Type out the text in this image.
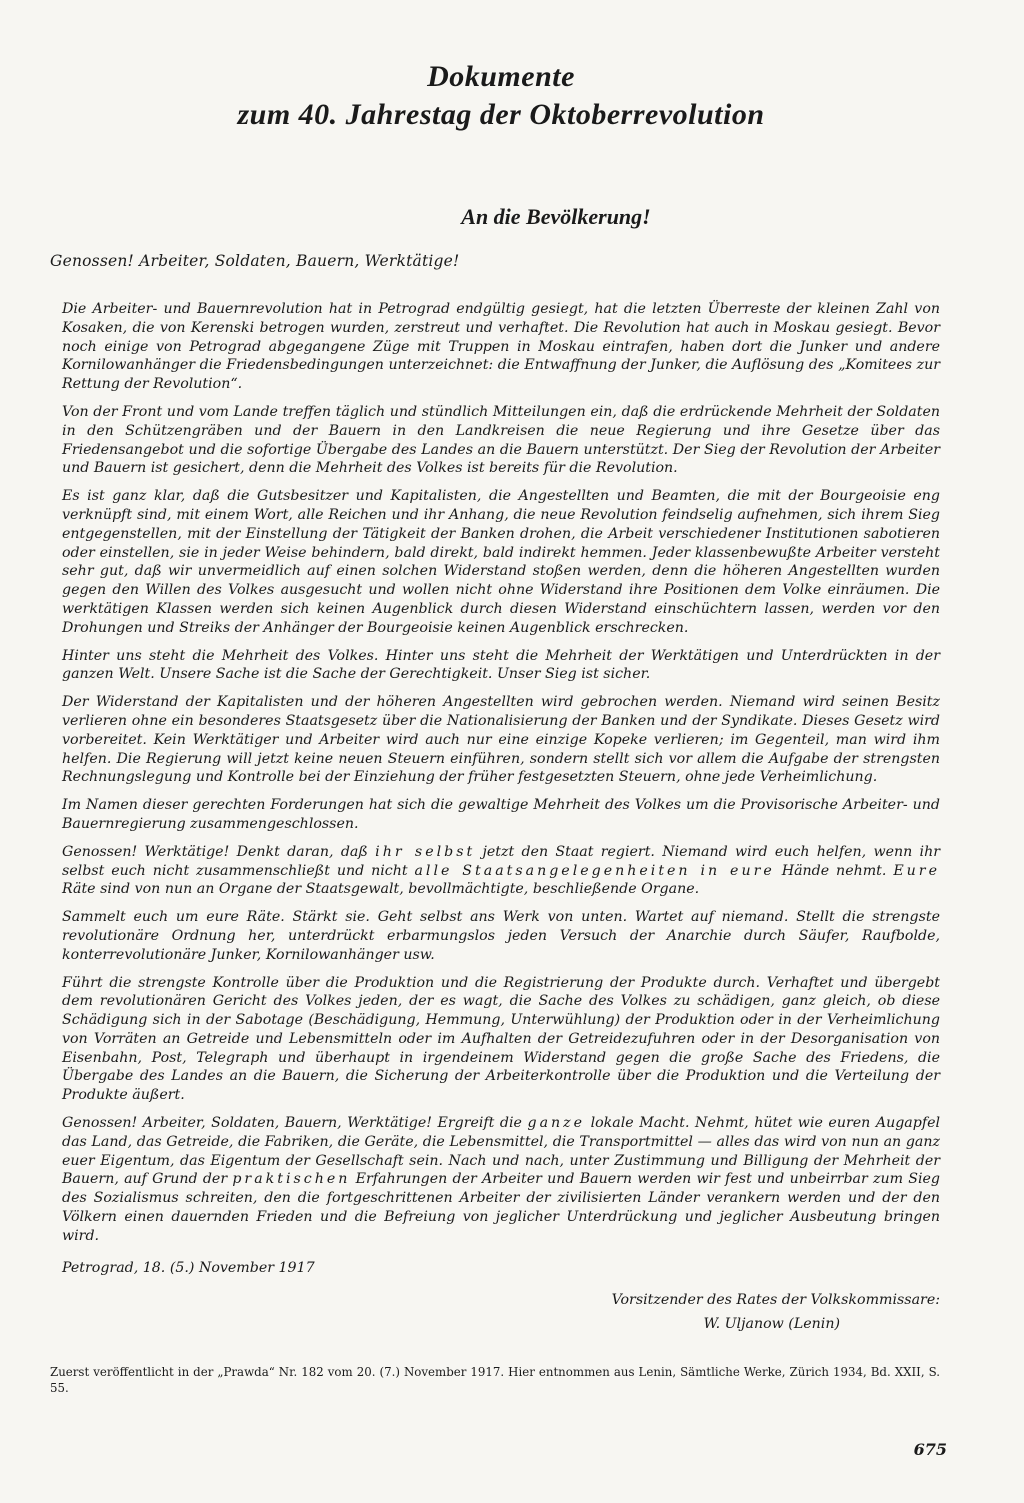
Dokumente
zum 40. Jahrestag der Oktoberrevolution
An die Bevölkerung!
Genossen! Arbeiter, Soldaten, Bauern, Werktätige!

Die Arbeiter- und Bauernrevolution hat in Petrograd endgültig gesiegt, hat die letzten Überreste der kleinen Zahl von Kosaken, die von Kerenski betrogen wurden, zerstreut und verhaftet. Die Revolution hat auch in Moskau gesiegt. Bevor noch einige von Petrograd abgegangene Züge mit Truppen in Moskau eintrafen, haben dort die Junker und andere Kornilowanhänger die Friedensbedingungen unterzeichnet: die Entwaffnung der Junker, die Auflösung des „Komitees zur Rettung der Revolution“.

Von der Front und vom Lande treffen täglich und stündlich Mitteilungen ein, daß die erdrückende Mehrheit der Soldaten in den Schützengräben und der Bauern in den Landkreisen die neue Regierung und ihre Gesetze über das Friedensangebot und die sofortige Übergabe des Landes an die Bauern unterstützt. Der Sieg der Revolution der Arbeiter und Bauern ist gesichert, denn die Mehrheit des Volkes ist bereits für die Revolution.

Es ist ganz klar, daß die Gutsbesitzer und Kapitalisten, die Angestellten und Beamten, die mit der Bourgeoisie eng verknüpft sind, mit einem Wort, alle Reichen und ihr Anhang, die neue Revolution feindselig aufnehmen, sich ihrem Sieg entgegenstellen, mit der Einstellung der Tätigkeit der Banken drohen, die Arbeit verschiedener Institutionen sabotieren oder einstellen, sie in jeder Weise behindern, bald direkt, bald indirekt hemmen. Jeder klassenbewußte Arbeiter versteht sehr gut, daß wir unvermeidlich auf einen solchen Widerstand stoßen werden, denn die höheren Angestellten wurden gegen den Willen des Volkes ausgesucht und wollen nicht ohne Widerstand ihre Positionen dem Volke einräumen. Die werktätigen Klassen werden sich keinen Augenblick durch diesen Widerstand einschüchtern lassen, werden vor den Drohungen und Streiks der Anhänger der Bourgeoisie keinen Augenblick erschrecken.

Hinter uns steht die Mehrheit des Volkes. Hinter uns steht die Mehrheit der Werktätigen und Unterdrückten in der ganzen Welt. Unsere Sache ist die Sache der Gerechtigkeit. Unser Sieg ist sicher.

Der Widerstand der Kapitalisten und der höheren Angestellten wird gebrochen werden. Niemand wird seinen Besitz verlieren ohne ein besonderes Staatsgesetz über die Nationalisierung der Banken und der Syndikate. Dieses Gesetz wird vorbereitet. Kein Werktätiger und Arbeiter wird auch nur eine einzige Kopeke verlieren; im Gegenteil, man wird ihm helfen. Die Regierung will jetzt keine neuen Steuern einführen, sondern stellt sich vor allem die Aufgabe der strengsten Rechnungslegung und Kontrolle bei der Einziehung der früher festgesetzten Steuern, ohne jede Verheimlichung.

Im Namen dieser gerechten Forderungen hat sich die gewaltige Mehrheit des Volkes um die Provisorische Arbeiter- und Bauernregierung zusammengeschlossen.

Genossen! Werktätige! Denkt daran, daß ihr selbst jetzt den Staat regiert. Niemand wird euch helfen, wenn ihr selbst euch nicht zusammenschließt und nicht alle Staatsangelegenheiten in eure Hände nehmt. Eure Räte sind von nun an Organe der Staatsgewalt, bevollmächtigte, beschließende Organe.

Sammelt euch um eure Räte. Stärkt sie. Geht selbst ans Werk von unten. Wartet auf niemand. Stellt die strengste revolutionäre Ordnung her, unterdrückt erbarmungslos jeden Versuch der Anarchie durch Säufer, Raufbolde, konterrevolutionäre Junker, Kornilowanhänger usw.

Führt die strengste Kontrolle über die Produktion und die Registrierung der Produkte durch. Verhaftet und übergebt dem revolutionären Gericht des Volkes jeden, der es wagt, die Sache des Volkes zu schädigen, ganz gleich, ob diese Schädigung sich in der Sabotage (Beschädigung, Hemmung, Unterwühlung) der Produktion oder in der Verheimlichung von Vorräten an Getreide und Lebensmitteln oder im Aufhalten der Getreidezufuhren oder in der Desorganisation von Eisenbahn, Post, Telegraph und überhaupt in irgendeinem Widerstand gegen die große Sache des Friedens, die Übergabe des Landes an die Bauern, die Sicherung der Arbeiterkontrolle über die Produktion und die Verteilung der Produkte äußert.

Genossen! Arbeiter, Soldaten, Bauern, Werktätige! Ergreift die ganze lokale Macht. Nehmt, hütet wie euren Augapfel das Land, das Getreide, die Fabriken, die Geräte, die Lebensmittel, die Transportmittel — alles das wird von nun an ganz euer Eigentum, das Eigentum der Gesellschaft sein. Nach und nach, unter Zustimmung und Billigung der Mehrheit der Bauern, auf Grund der praktischen Erfahrungen der Arbeiter und Bauern werden wir fest und unbeirrbar zum Sieg des Sozialismus schreiten, den die fortgeschrittenen Arbeiter der zivilisierten Länder verankern werden und der den Völkern einen dauernden Frieden und die Befreiung von jeglicher Unterdrückung und jeglicher Ausbeutung bringen wird.

Petrograd, 18. (5.) November 1917
Vorsitzender des Rates der Volkskommissare:
W. Uljanow (Lenin)
Zuerst veröffentlicht in der „Prawda“ Nr. 182 vom 20. (7.) November 1917. Hier entnommen aus Lenin, Sämtliche Werke, Zürich 1934, Bd. XXII, S. 55.
675
